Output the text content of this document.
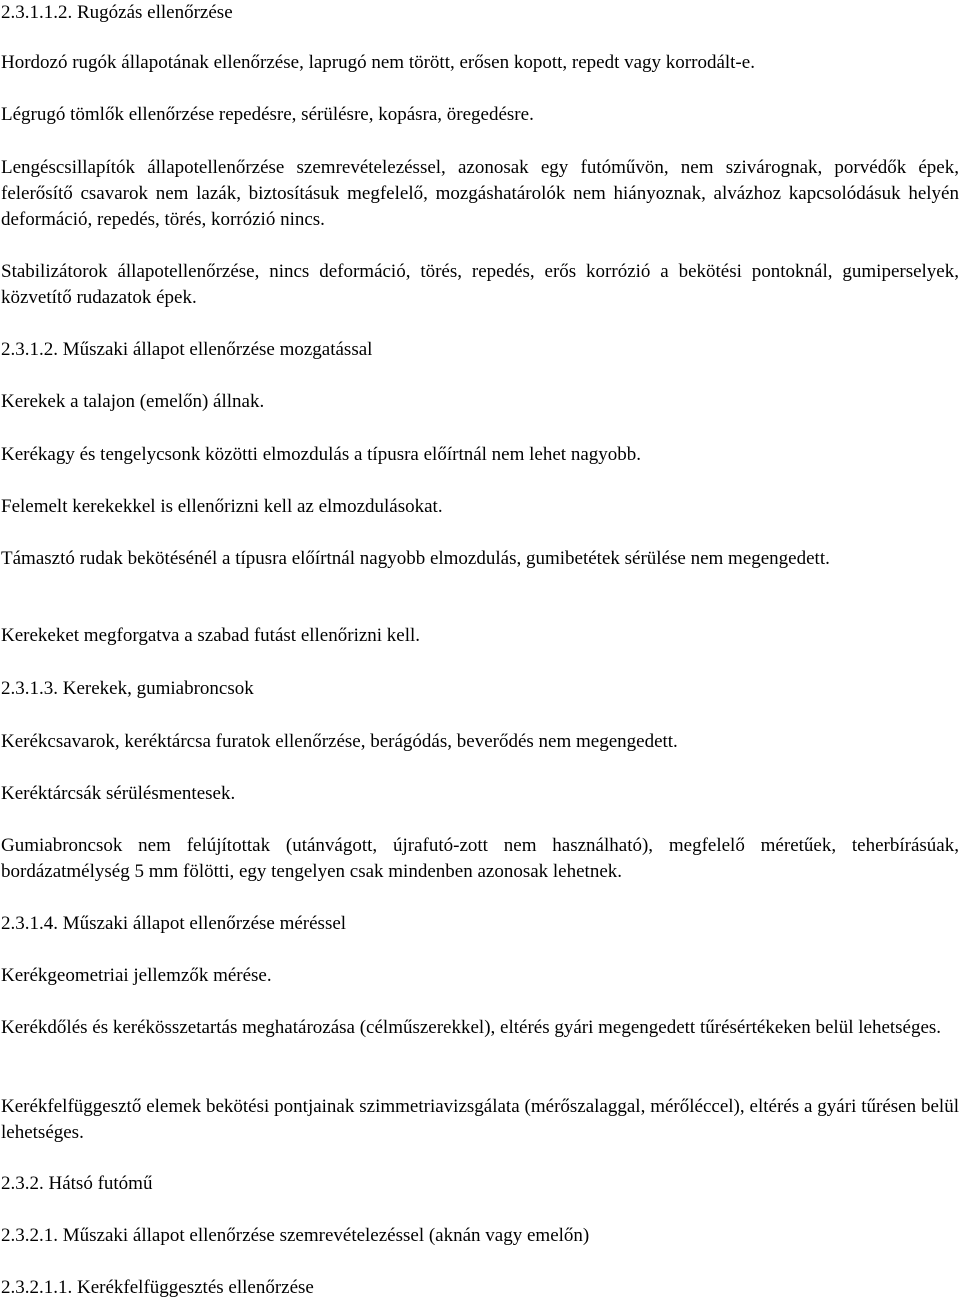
2.3.1.1.2. Rugózás ellenőrzése

Hordozó rugók állapotának ellenőrzése, laprugó nem törött, erősen kopott, repedt vagy korrodált-e.

Légrugó tömlők ellenőrzése repedésre, sérülésre, kopásra, öregedésre.

Lengéscsillapítók állapotellenőrzése szemrevételezéssel, azonosak egy futóművön, nem szivárognak, porvédők épek, felerősítő csavarok nem lazák, biztosításuk megfelelő, mozgáshatárolók nem hiányoznak, alvázhoz kapcsolódásuk helyén deformáció, repedés, törés, korrózió nincs.

Stabilizátorok állapotellenőrzése, nincs deformáció, törés, repedés, erős korrózió a bekötési pontoknál, gumiperselyek, közvetítő rudazatok épek.

2.3.1.2. Műszaki állapot ellenőrzése mozgatással

Kerekek a talajon (emelőn) állnak.

Kerékagy és tengelycsonk közötti elmozdulás a típusra előírtnál nem lehet nagyobb.

Felemelt kerekekkel is ellenőrizni kell az elmozdulásokat.

Támasztó rudak bekötésénél a típusra előírtnál nagyobb elmozdulás, gumibetétek sérülése nem megengedett.

Kerekeket megforgatva a szabad futást ellenőrizni kell.

2.3.1.3. Kerekek, gumiabroncsok

Kerékcsavarok, keréktárcsa furatok ellenőrzése, berágódás, beverődés nem megengedett.

Keréktárcsák sérülésmentesek.

Gumiabroncsok nem felújítottak (utánvágott, újrafutó-zott nem használható), megfelelő méretűek, teherbírásúak, bordázatmélység 5 mm fölötti, egy tengelyen csak mindenben azonosak lehetnek.

2.3.1.4. Műszaki állapot ellenőrzése méréssel

Kerékgeometriai jellemzők mérése.

Kerékdőlés és kerékösszetartás meghatározása (célműszerekkel), eltérés gyári megengedett tűrésértékeken belül lehetséges.

Kerékfelfüggesztő elemek bekötési pontjainak szimmetriavizsgálata (mérőszalaggal, mérőléccel), eltérés a gyári tűrésen belül lehetséges.

2.3.2. Hátsó futómű

2.3.2.1. Műszaki állapot ellenőrzése szemrevételezéssel (aknán vagy emelőn)

2.3.2.1.1. Kerékfelfüggesztés ellenőrzése
